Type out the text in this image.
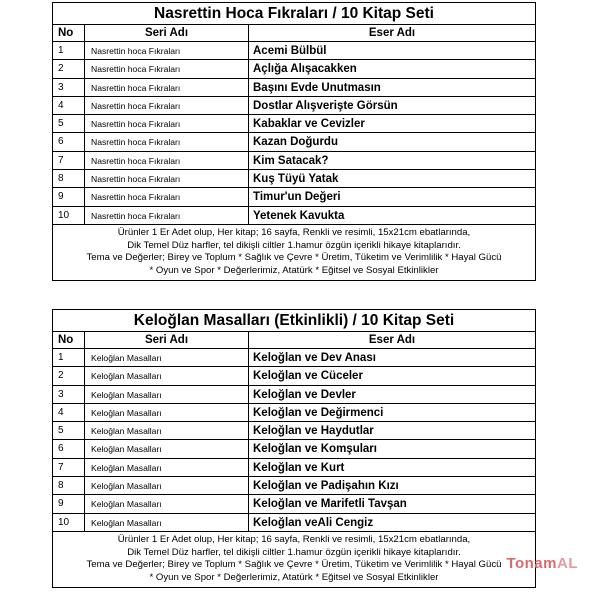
Nasrettin Hoca Fıkraları / 10 Kitap Seti
No	Seri Adı	Eser Adı
1	Nasrettin hoca Fıkraları	Acemi Bülbül
2	Nasrettin hoca Fıkraları	Açlığa Alışacakken
3	Nasrettin hoca Fıkraları	Başını Evde Unutmasın
4	Nasrettin hoca Fıkraları	Dostlar Alışverişte Görsün
5	Nasrettin hoca Fıkraları	Kabaklar ve Cevizler
6	Nasrettin hoca Fıkraları	Kazan Doğurdu
7	Nasrettin hoca Fıkraları	Kim Satacak?
8	Nasrettin hoca Fıkraları	Kuş Tüyü Yatak
9	Nasrettin hoca Fıkraları	Timur'un Değeri
10	Nasrettin hoca Fıkraları	Yetenek Kavukta
Ürünler 1 Er Adet olup, Her kitap; 16 sayfa, Renkli ve resimli, 15x21cm ebatlarında,
Dik Temel Düz harfler, tel dikişli ciltler 1.hamur özgün içerikli hikaye kitaplarıdır.
Tema ve Değerler; Birey ve Toplum * Sağlık ve Çevre * Üretim, Tüketim ve Verimlilik * Hayal Gücü
* Oyun ve Spor * Değerlerimiz, Atatürk * Eğitsel ve Sosyal Etkinlikler
Keloğlan Masalları (Etkinlikli) / 10 Kitap Seti
No	Seri Adı	Eser Adı
1	Keloğlan Masalları	Keloğlan ve Dev Anası
2	Keloğlan Masalları	Keloğlan ve Cüceler
3	Keloğlan Masalları	Keloğlan ve Devler
4	Keloğlan Masalları	Keloğlan ve Değirmenci
5	Keloğlan Masalları	Keloğlan ve Haydutlar
6	Keloğlan Masalları	Keloğlan ve Komşuları
7	Keloğlan Masalları	Keloğlan ve Kurt
8	Keloğlan Masalları	Keloğlan ve Padişahın Kızı
9	Keloğlan Masalları	Keloğlan ve Marifetli Tavşan
10	Keloğlan Masalları	Keloğlan veAli Cengiz
Ürünler 1 Er Adet olup, Her kitap; 16 sayfa, Renkli ve resimli, 15x21cm ebatlarında,
Dik Temel Düz harfler, tel dikişli ciltler 1.hamur özgün içerikli hikaye kitaplarıdır.
Tema ve Değerler; Birey ve Toplum * Sağlık ve Çevre * Üretim, Tüketim ve Verimlilik * Hayal Gücü
* Oyun ve Spor * Değerlerimiz, Atatürk * Eğitsel ve Sosyal Etkinlikler
TonamAL
